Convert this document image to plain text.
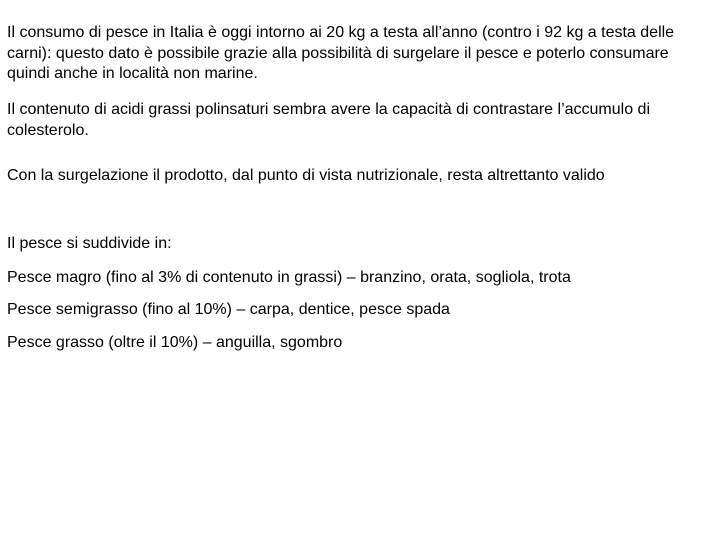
Il consumo di pesce in Italia è oggi intorno ai 20 kg a testa all’anno (contro i 92 kg a testa delle carni): questo dato è possibile grazie alla possibilità di surgelare il pesce e poterlo consumare quindi anche in località non marine.

Il contenuto di acidi grassi polinsaturi sembra avere la capacità di contrastare l’accumulo di colesterolo.

Con la surgelazione il prodotto, dal punto di vista nutrizionale, resta altrettanto valido

Il pesce si suddivide in:

Pesce magro (fino al 3% di contenuto in grassi) – branzino, orata, sogliola, trota

Pesce semigrasso (fino al 10%) – carpa, dentice, pesce spada

Pesce grasso (oltre il 10%) – anguilla, sgombro
